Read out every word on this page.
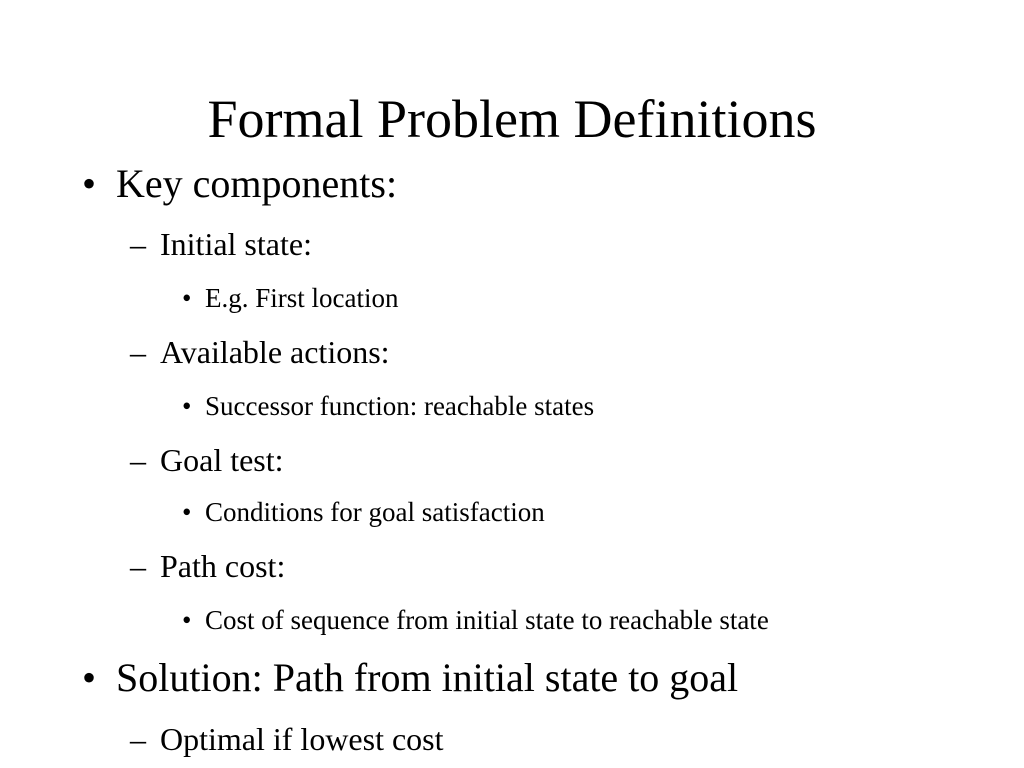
Formal Problem Definitions
• Key components:
– Initial state:
• E.g. First location
– Available actions:
• Successor function: reachable states
– Goal test:
• Conditions for goal satisfaction
– Path cost:
• Cost of sequence from initial state to reachable state
• Solution: Path from initial state to goal
– Optimal if lowest cost
